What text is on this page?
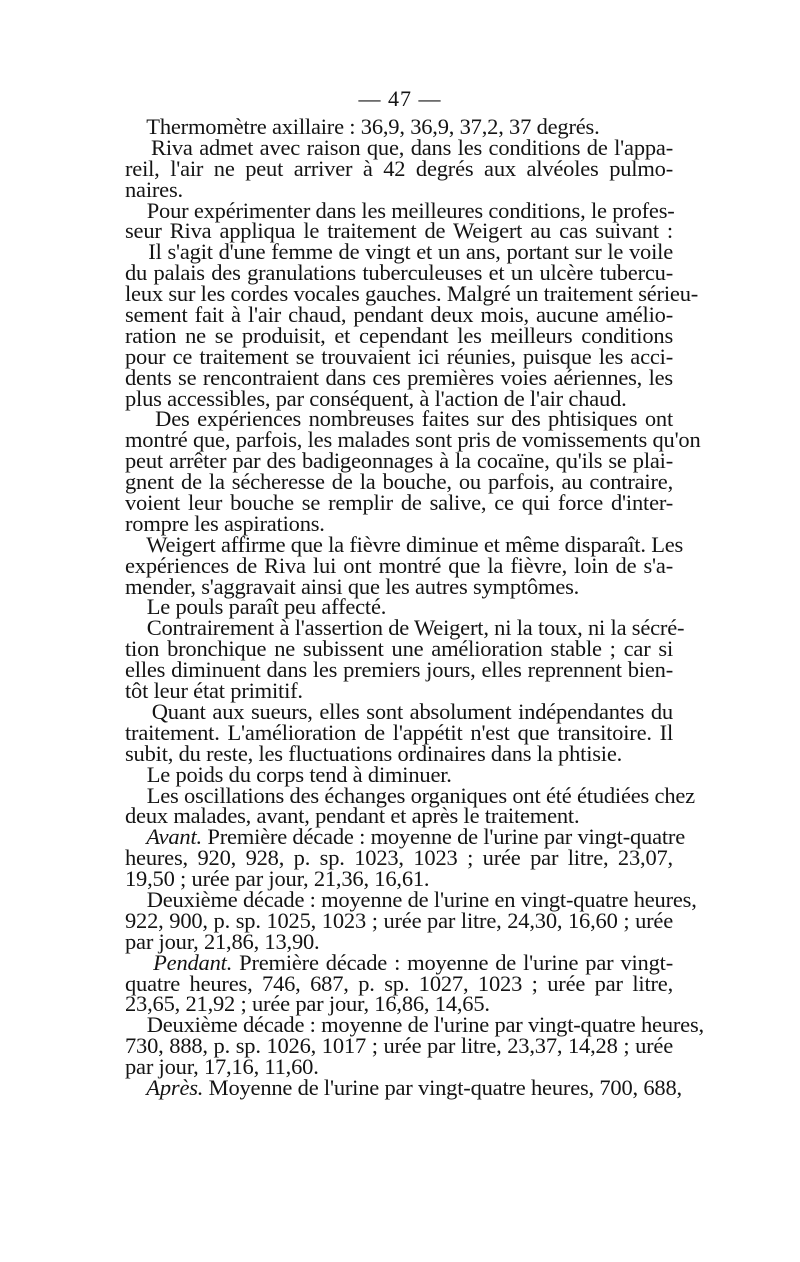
— 47 —
Thermomètre axillaire : 36,9, 36,9, 37,2, 37 degrés.
Riva admet avec raison que, dans les conditions de l'appa-
reil, l'air ne peut arriver à 42 degrés aux alvéoles pulmo-
naires.
Pour expérimenter dans les meilleures conditions, le profes-
seur Riva appliqua le traitement de Weigert au cas suivant :
Il s'agit d'une femme de vingt et un ans, portant sur le voile
du palais des granulations tuberculeuses et un ulcère tubercu-
leux sur les cordes vocales gauches. Malgré un traitement sérieu-
sement fait à l'air chaud, pendant deux mois, aucune amélio-
ration ne se produisit, et cependant les meilleurs conditions
pour ce traitement se trouvaient ici réunies, puisque les acci-
dents se rencontraient dans ces premières voies aériennes, les
plus accessibles, par conséquent, à l'action de l'air chaud.
Des expériences nombreuses faites sur des phtisiques ont
montré que, parfois, les malades sont pris de vomissements qu'on
peut arrêter par des badigeonnages à la cocaïne, qu'ils se plai-
gnent de la sécheresse de la bouche, ou parfois, au contraire,
voient leur bouche se remplir de salive, ce qui force d'inter-
rompre les aspirations.
Weigert affirme que la fièvre diminue et même disparaît. Les
expériences de Riva lui ont montré que la fièvre, loin de s'a-
mender, s'aggravait ainsi que les autres symptômes.
Le pouls paraît peu affecté.
Contrairement à l'assertion de Weigert, ni la toux, ni la sécré-
tion bronchique ne subissent une amélioration stable ; car si
elles diminuent dans les premiers jours, elles reprennent bien-
tôt leur état primitif.
Quant aux sueurs, elles sont absolument indépendantes du
traitement. L'amélioration de l'appétit n'est que transitoire. Il
subit, du reste, les fluctuations ordinaires dans la phtisie.
Le poids du corps tend à diminuer.
Les oscillations des échanges organiques ont été étudiées chez
deux malades, avant, pendant et après le traitement.
Avant. Première décade : moyenne de l'urine par vingt-quatre
heures, 920, 928, p. sp. 1023, 1023 ; urée par litre, 23,07,
19,50 ; urée par jour, 21,36, 16,61.
Deuxième décade : moyenne de l'urine en vingt-quatre heures,
922, 900, p. sp. 1025, 1023 ; urée par litre, 24,30, 16,60 ; urée
par jour, 21,86, 13,90.
Pendant. Première décade : moyenne de l'urine par vingt-
quatre heures, 746, 687, p. sp. 1027, 1023 ; urée par litre,
23,65, 21,92 ; urée par jour, 16,86, 14,65.
Deuxième décade : moyenne de l'urine par vingt-quatre heures,
730, 888, p. sp. 1026, 1017 ; urée par litre, 23,37, 14,28 ; urée
par jour, 17,16, 11,60.
Après. Moyenne de l'urine par vingt-quatre heures, 700, 688,
